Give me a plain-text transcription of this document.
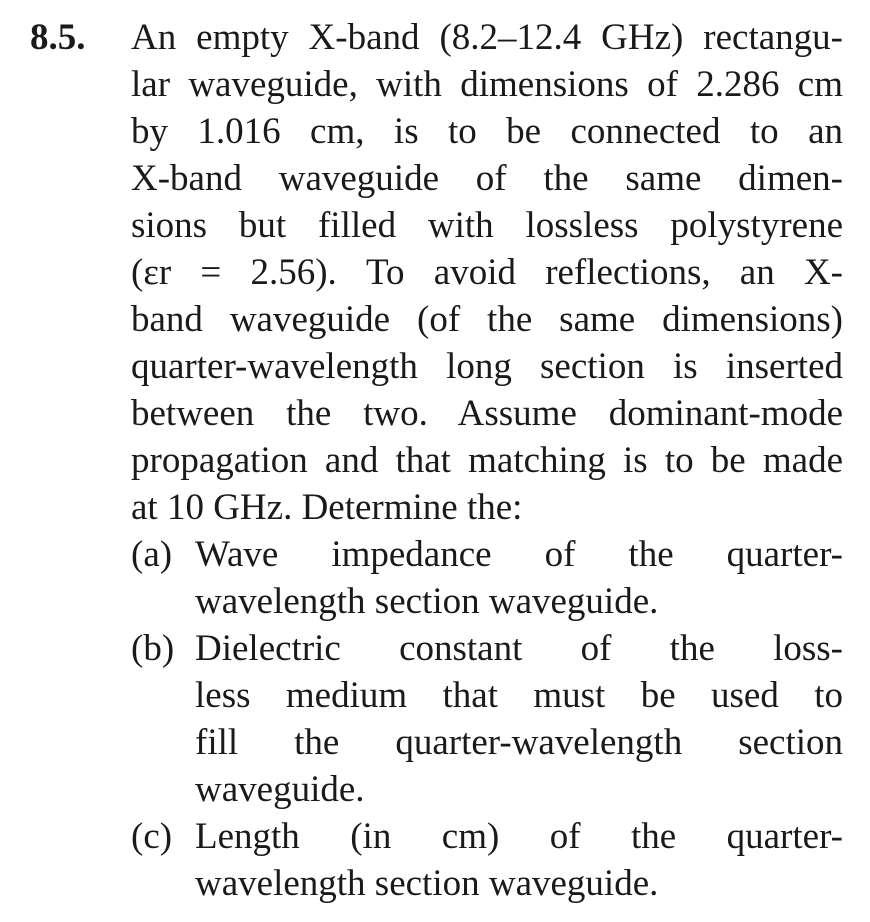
8.5. An empty X-band (8.2–12.4 GHz) rectangu-
lar waveguide, with dimensions of 2.286 cm
by 1.016 cm, is to be connected to an
X-band waveguide of the same dimen-
sions but filled with lossless polystyrene
(εr = 2.56). To avoid reflections, an X-
band waveguide (of the same dimensions)
quarter-wavelength long section is inserted
between the two. Assume dominant-mode
propagation and that matching is to be made
at 10 GHz. Determine the:
(a) Wave impedance of the quarter-
wavelength section waveguide.
(b) Dielectric constant of the loss-
less medium that must be used to
fill the quarter-wavelength section
waveguide.
(c) Length (in cm) of the quarter-
wavelength section waveguide.
